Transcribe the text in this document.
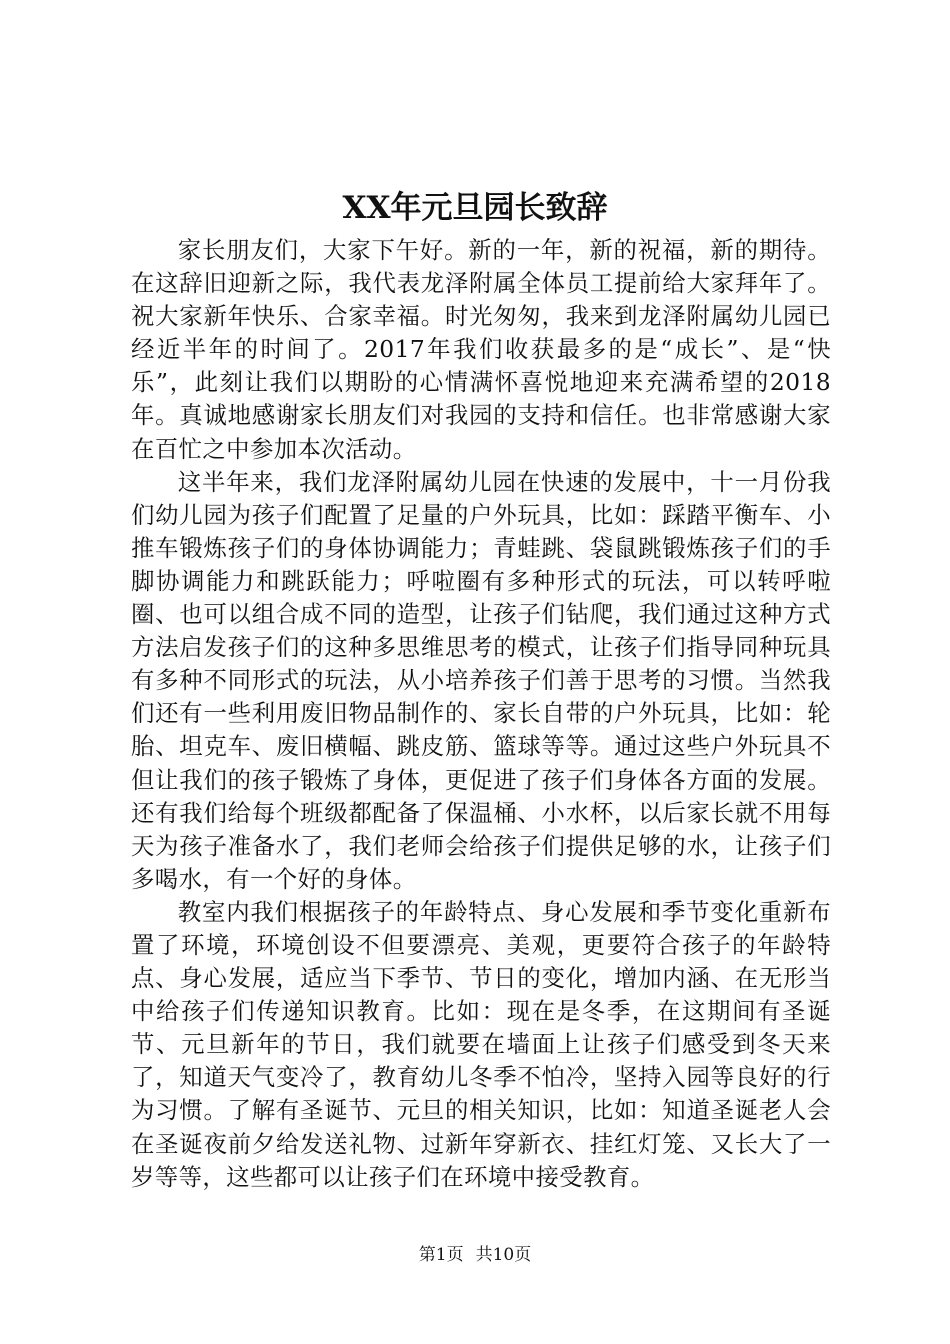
XX年元旦园长致辞

家长朋友们，大家下午好。新的一年，新的祝福，新的期待。在这辞旧迎新之际，我代表龙泽附属全体员工提前给大家拜年了。祝大家新年快乐、合家幸福。时光匆匆，我来到龙泽附属幼儿园已经近半年的时间了。2017年我们收获最多的是“成长”、是“快乐”，此刻让我们以期盼的心情满怀喜悦地迎来充满希望的2018年。真诚地感谢家长朋友们对我园的支持和信任。也非常感谢大家在百忙之中参加本次活动。

这半年来，我们龙泽附属幼儿园在快速的发展中，十一月份我们幼儿园为孩子们配置了足量的户外玩具，比如：踩踏平衡车、小推车锻炼孩子们的身体协调能力；青蛙跳、袋鼠跳锻炼孩子们的手脚协调能力和跳跃能力；呼啦圈有多种形式的玩法，可以转呼啦圈、也可以组合成不同的造型，让孩子们钻爬，我们通过这种方式方法启发孩子们的这种多思维思考的模式，让孩子们指导同种玩具有多种不同形式的玩法，从小培养孩子们善于思考的习惯。当然我们还有一些利用废旧物品制作的、家长自带的户外玩具，比如：轮胎、坦克车、废旧横幅、跳皮筋、篮球等等。通过这些户外玩具不但让我们的孩子锻炼了身体，更促进了孩子们身体各方面的发展。还有我们给每个班级都配备了保温桶、小水杯，以后家长就不用每天为孩子准备水了，我们老师会给孩子们提供足够的水，让孩子们多喝水，有一个好的身体。

教室内我们根据孩子的年龄特点、身心发展和季节变化重新布置了环境，环境创设不但要漂亮、美观，更要符合孩子的年龄特点、身心发展，适应当下季节、节日的变化，增加内涵、在无形当中给孩子们传递知识教育。比如：现在是冬季，在这期间有圣诞节、元旦新年的节日，我们就要在墙面上让孩子们感受到冬天来了，知道天气变冷了，教育幼儿冬季不怕冷，坚持入园等良好的行为习惯。了解有圣诞节、元旦的相关知识，比如：知道圣诞老人会在圣诞夜前夕给发送礼物、过新年穿新衣、挂红灯笼、又长大了一岁等等，这些都可以让孩子们在环境中接受教育。

第1页 共10页
